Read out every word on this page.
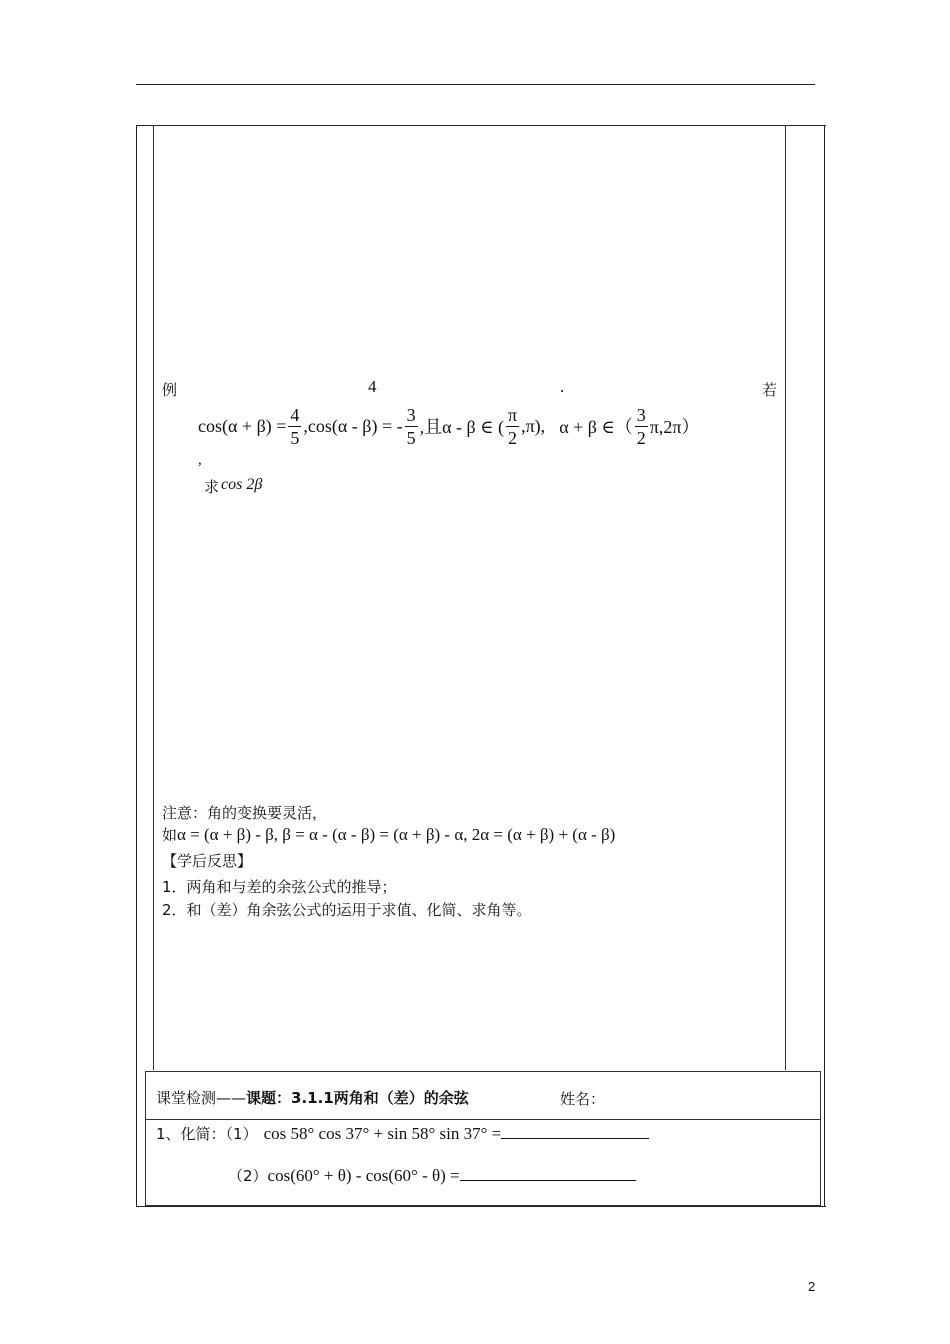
例	4	.	若
$\cos(\alpha + \beta) = \frac{4}{5} ,\cos(\alpha - \beta)$ = - $\frac{3}{5}$ ,且α - β ∈ ( $\frac{\pi}{2} ,\pi$), α + β ∈（ $\frac{3}{2} \pi,2\pi$）
,
求 cos 2β
注意：角的变换要灵活，
如 α = (α + β) - β, β = α - (α - β) = (α + β) - α, 2α = (α + β) + (α - β)
【学后反思】
1．两角和与差的余弦公式的推导；
2．和（差）角余弦公式的运用于求值、化简、求角等。
课堂检测—— 课题：3.1.1两角和（差）的余弦	姓名：
1、化简：（1） cos 58° cos 37° + sin 58° sin 37° =
（2） cos(60° + θ) - cos(60° - θ) =
2
